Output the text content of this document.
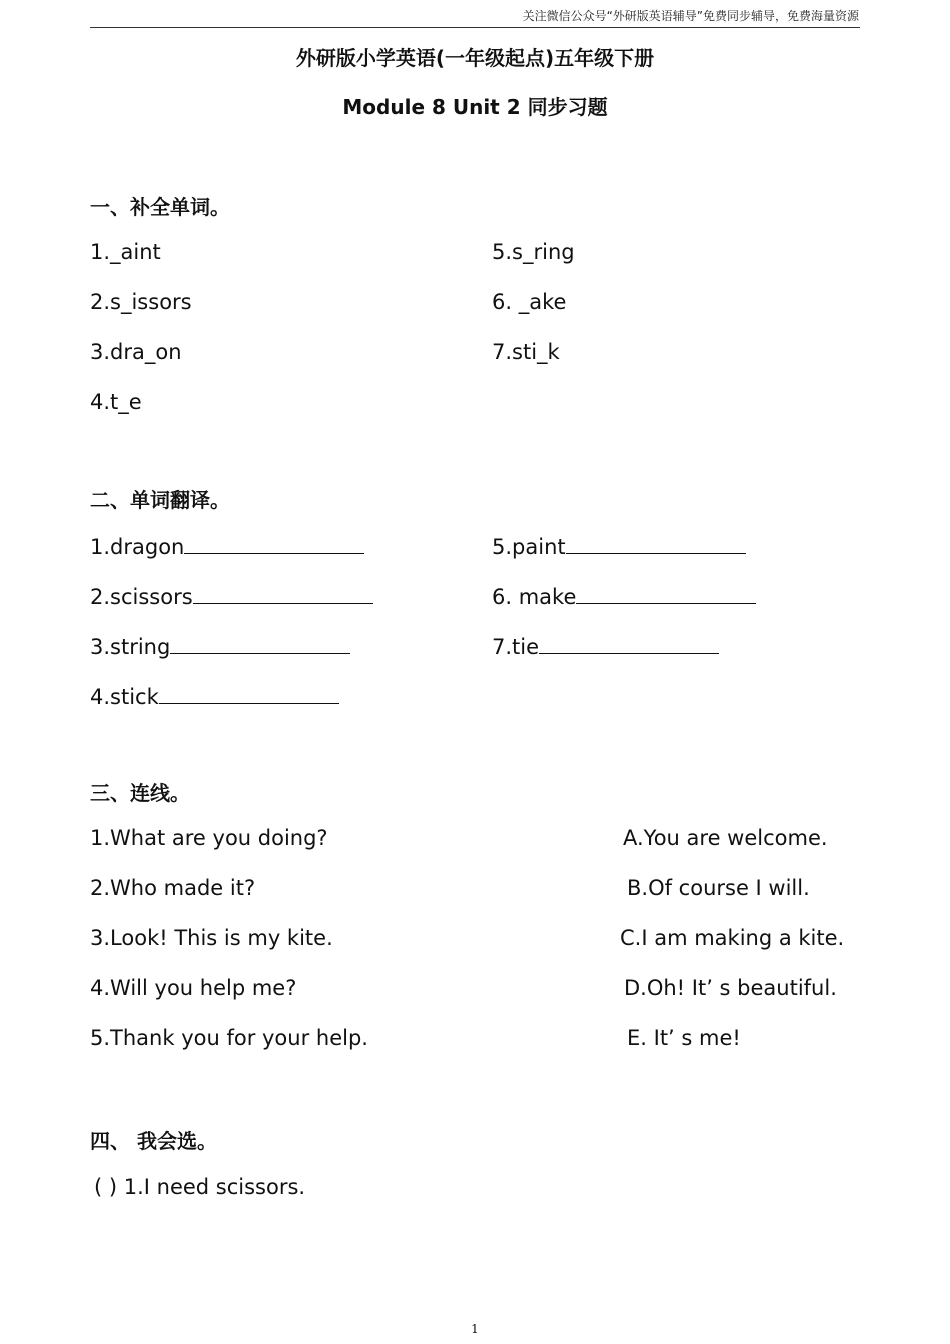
关注微信公众号“外研版英语辅导”免费同步辅导，免费海量资源
外研版小学英语(一年级起点)五年级下册
Module 8 Unit 2 同步习题
一、补全单词。
1._aint
2.s_issors
3.dra_on
4.t_e
5.s_ring
6. _ake
7.sti_k
二、单词翻译。
1.dragon
2.scissors
3.string
4.stick
5.paint
6. make
7.tie
三、连线。
1.What are you doing?
2.Who made it?
3.Look! This is my kite.
4.Will you help me?
5.Thank you for your help.
A.You are welcome.
B.Of course I will.
C.I am making a kite.
D.Oh! It’ s beautiful.
E. It’ s me!
四、 我会选。
( ) 1.I need scissors.
1
